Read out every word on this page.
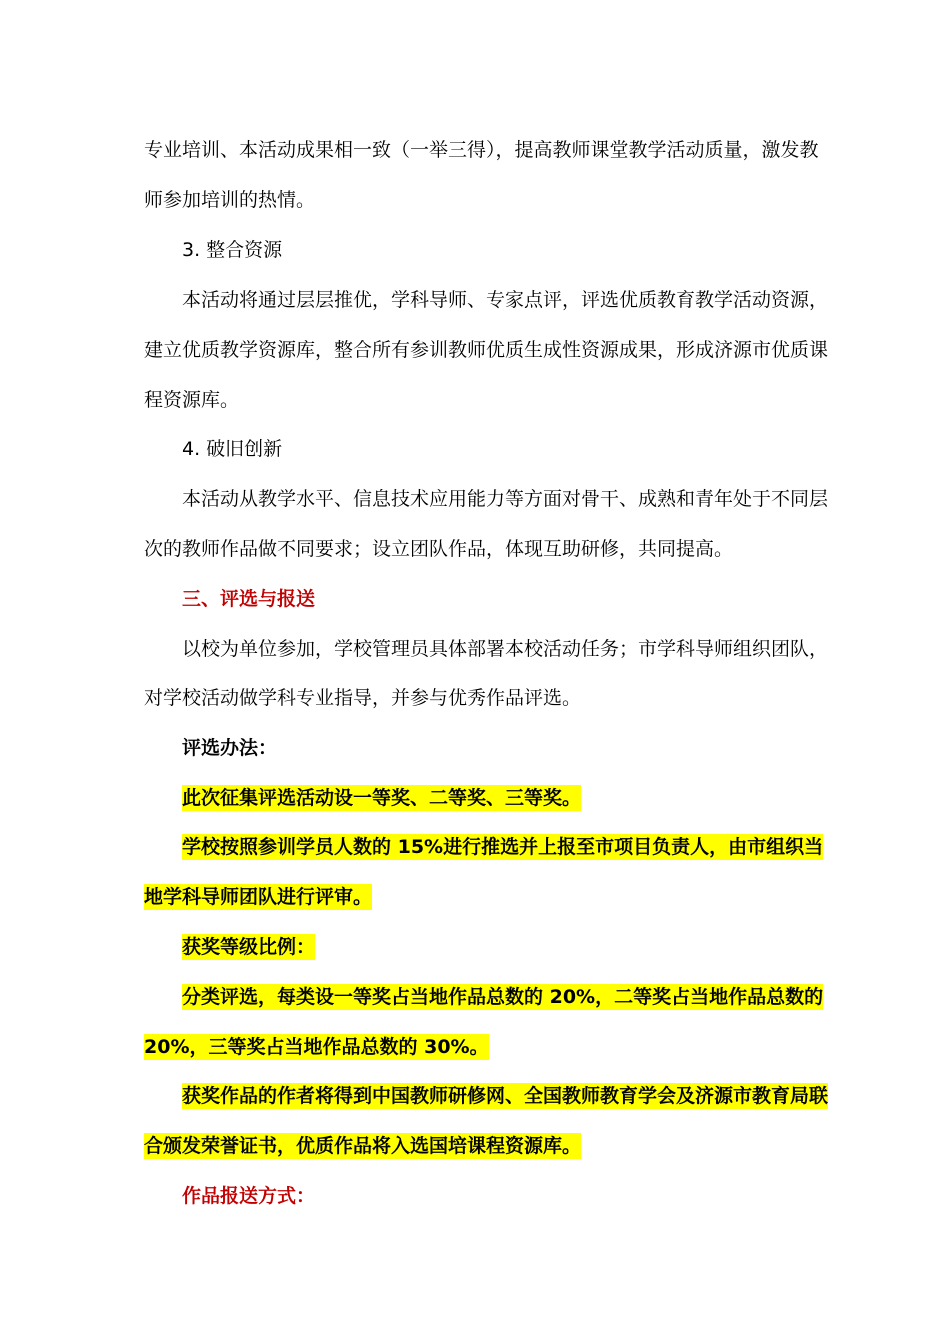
专业培训、本活动成果相一致（一举三得），提高教师课堂教学活动质量，激发教
师参加培训的热情。
3. 整合资源
本活动将通过层层推优，学科导师、专家点评，评选优质教育教学活动资源，
建立优质教学资源库，整合所有参训教师优质生成性资源成果，形成济源市优质课
程资源库。
4. 破旧创新
本活动从教学水平、信息技术应用能力等方面对骨干、成熟和青年处于不同层
次的教师作品做不同要求；设立团队作品，体现互助研修，共同提高。
三、评选与报送
以校为单位参加，学校管理员具体部署本校活动任务；市学科导师组织团队，
对学校活动做学科专业指导，并参与优秀作品评选。
评选办法：
此次征集评选活动设一等奖、二等奖、三等奖。
学校按照参训学员人数的 15%进行推选并上报至市项目负责人，由市组织当
地学科导师团队进行评审。
获奖等级比例：
分类评选，每类设一等奖占当地作品总数的 20%，二等奖占当地作品总数的
20%，三等奖占当地作品总数的 30%。
获奖作品的作者将得到中国教师研修网、全国教师教育学会及济源市教育局联
合颁发荣誉证书，优质作品将入选国培课程资源库。
作品报送方式：
